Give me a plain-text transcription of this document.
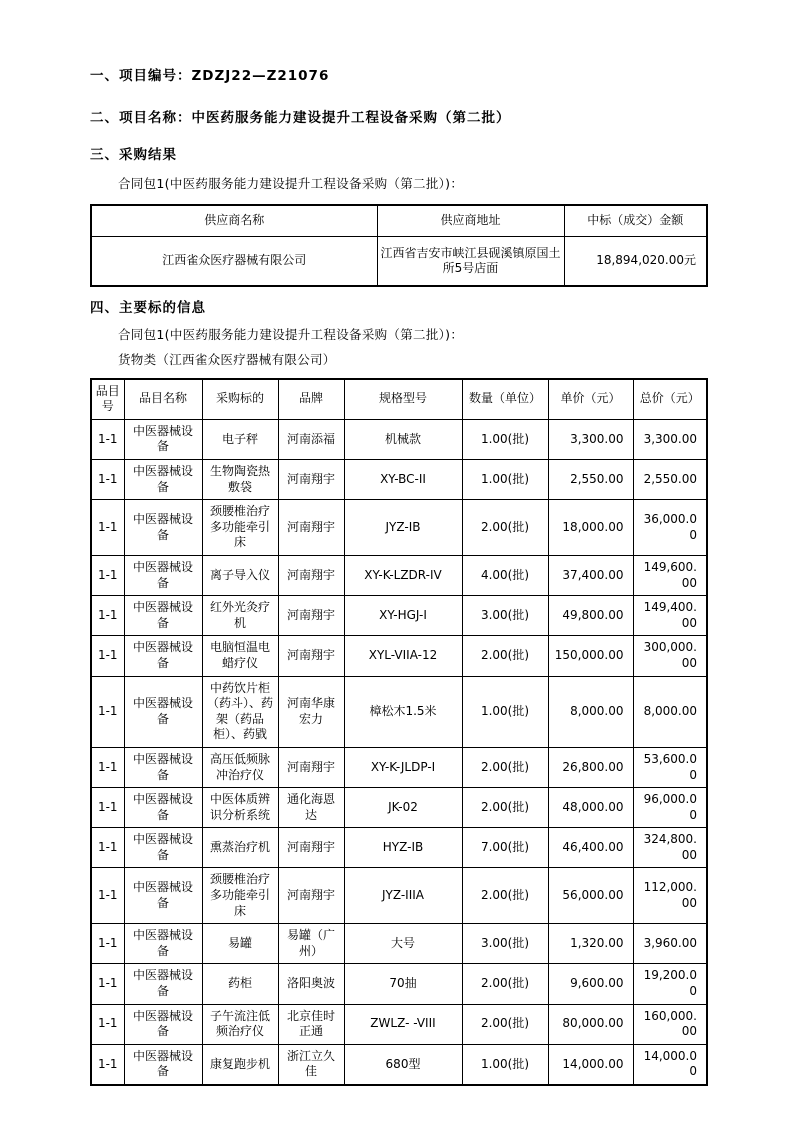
一、项目编号：ZDZJ22—Z21076

二、项目名称：中医药服务能力建设提升工程设备采购（第二批）

三、采购结果

合同包1(中医药服务能力建设提升工程设备采购（第二批）)：

供应商名称	供应商地址	中标（成交）金额
江西雀众医疗器械有限公司	江西省吉安市峡江县砚溪镇原国土所5号店面	18,894,020.00元

四、主要标的信息

合同包1(中医药服务能力建设提升工程设备采购（第二批）)：

货物类（江西雀众医疗器械有限公司）

品目号	品目名称	采购标的	品牌	规格型号	数量（单位）	单价（元）	总价（元）
1-1	中医器械设备	电子秤	河南添福	机械款	1.00(批)	3,300.00	3,300.00
1-1	中医器械设备	生物陶瓷热敷袋	河南翔宇	XY-BC-II	1.00(批)	2,550.00	2,550.00
1-1	中医器械设备	颈腰椎治疗多功能牵引床	河南翔宇	JYZ-IB	2.00(批)	18,000.00	36,000.00
1-1	中医器械设备	离子导入仪	河南翔宇	XY-K-LZDR-IV	4.00(批)	37,400.00	149,600.00
1-1	中医器械设备	红外光灸疗机	河南翔宇	XY-HGJ-I	3.00(批)	49,800.00	149,400.00
1-1	中医器械设备	电脑恒温电蜡疗仪	河南翔宇	XYL-VIIA-12	2.00(批)	150,000.00	300,000.00
1-1	中医器械设备	中药饮片柜（药斗）、药架（药品柜）、药戥	河南华康宏力	樟松木1.5米	1.00(批)	8,000.00	8,000.00
1-1	中医器械设备	高压低频脉冲治疗仪	河南翔宇	XY-K-JLDP-I	2.00(批)	26,800.00	53,600.00
1-1	中医器械设备	中医体质辨识分析系统	通化海恩达	JK-02	2.00(批)	48,000.00	96,000.00
1-1	中医器械设备	熏蒸治疗机	河南翔宇	HYZ-IB	7.00(批)	46,400.00	324,800.00
1-1	中医器械设备	颈腰椎治疗多功能牵引床	河南翔宇	JYZ-IIIA	2.00(批)	56,000.00	112,000.00
1-1	中医器械设备	易罐	易罐（广州）	大号	3.00(批)	1,320.00	3,960.00
1-1	中医器械设备	药柜	洛阳奥波	70抽	2.00(批)	9,600.00	19,200.00
1-1	中医器械设备	子午流注低频治疗仪	北京佳时正通	ZWLZ- -VIII	2.00(批)	80,000.00	160,000.00
1-1	中医器械设备	康复跑步机	浙江立久佳	680型	1.00(批)	14,000.00	14,000.00
